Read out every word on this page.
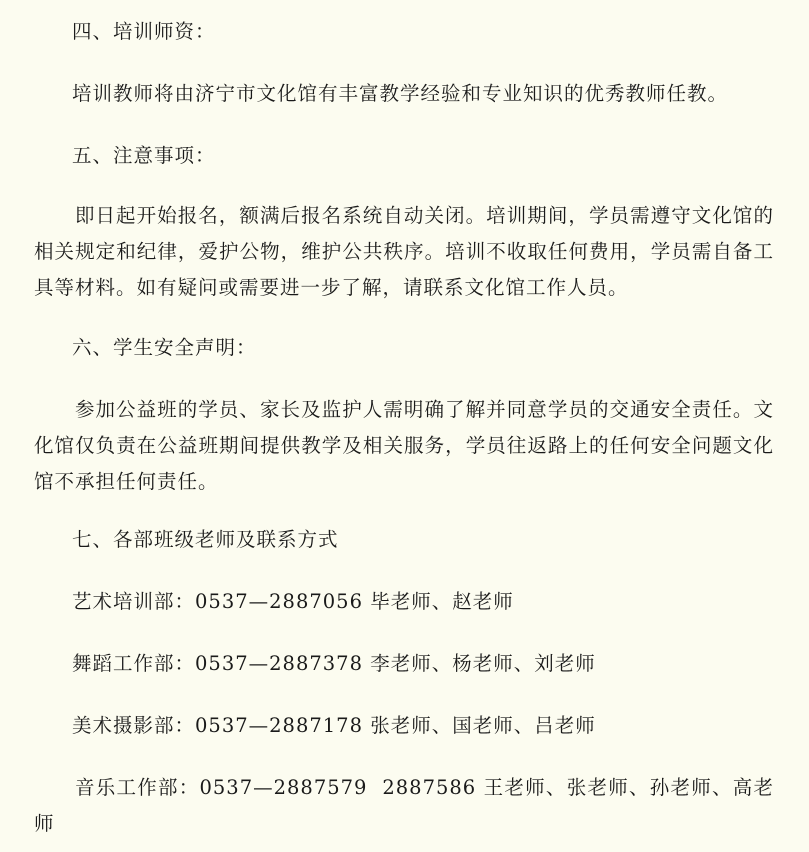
四、培训师资：
培训教师将由济宁市文化馆有丰富教学经验和专业知识的优秀教师任教。
五、注意事项：
即日起开始报名，额满后报名系统自动关闭。培训期间，学员需遵守文化馆的相关规定和纪律，爱护公物，维护公共秩序。培训不收取任何费用，学员需自备工具等材料。如有疑问或需要进一步了解，请联系文化馆工作人员。
六、学生安全声明：
参加公益班的学员、家长及监护人需明确了解并同意学员的交通安全责任。文化馆仅负责在公益班期间提供教学及相关服务，学员往返路上的任何安全问题文化馆不承担任何责任。
七、各部班级老师及联系方式
艺术培训部：0537—2887056 毕老师、赵老师
舞蹈工作部：0537—2887378 李老师、杨老师、刘老师
美术摄影部：0537—2887178 张老师、国老师、吕老师
音乐工作部：0537—2887579  2887586 王老师、张老师、孙老师、高老师
